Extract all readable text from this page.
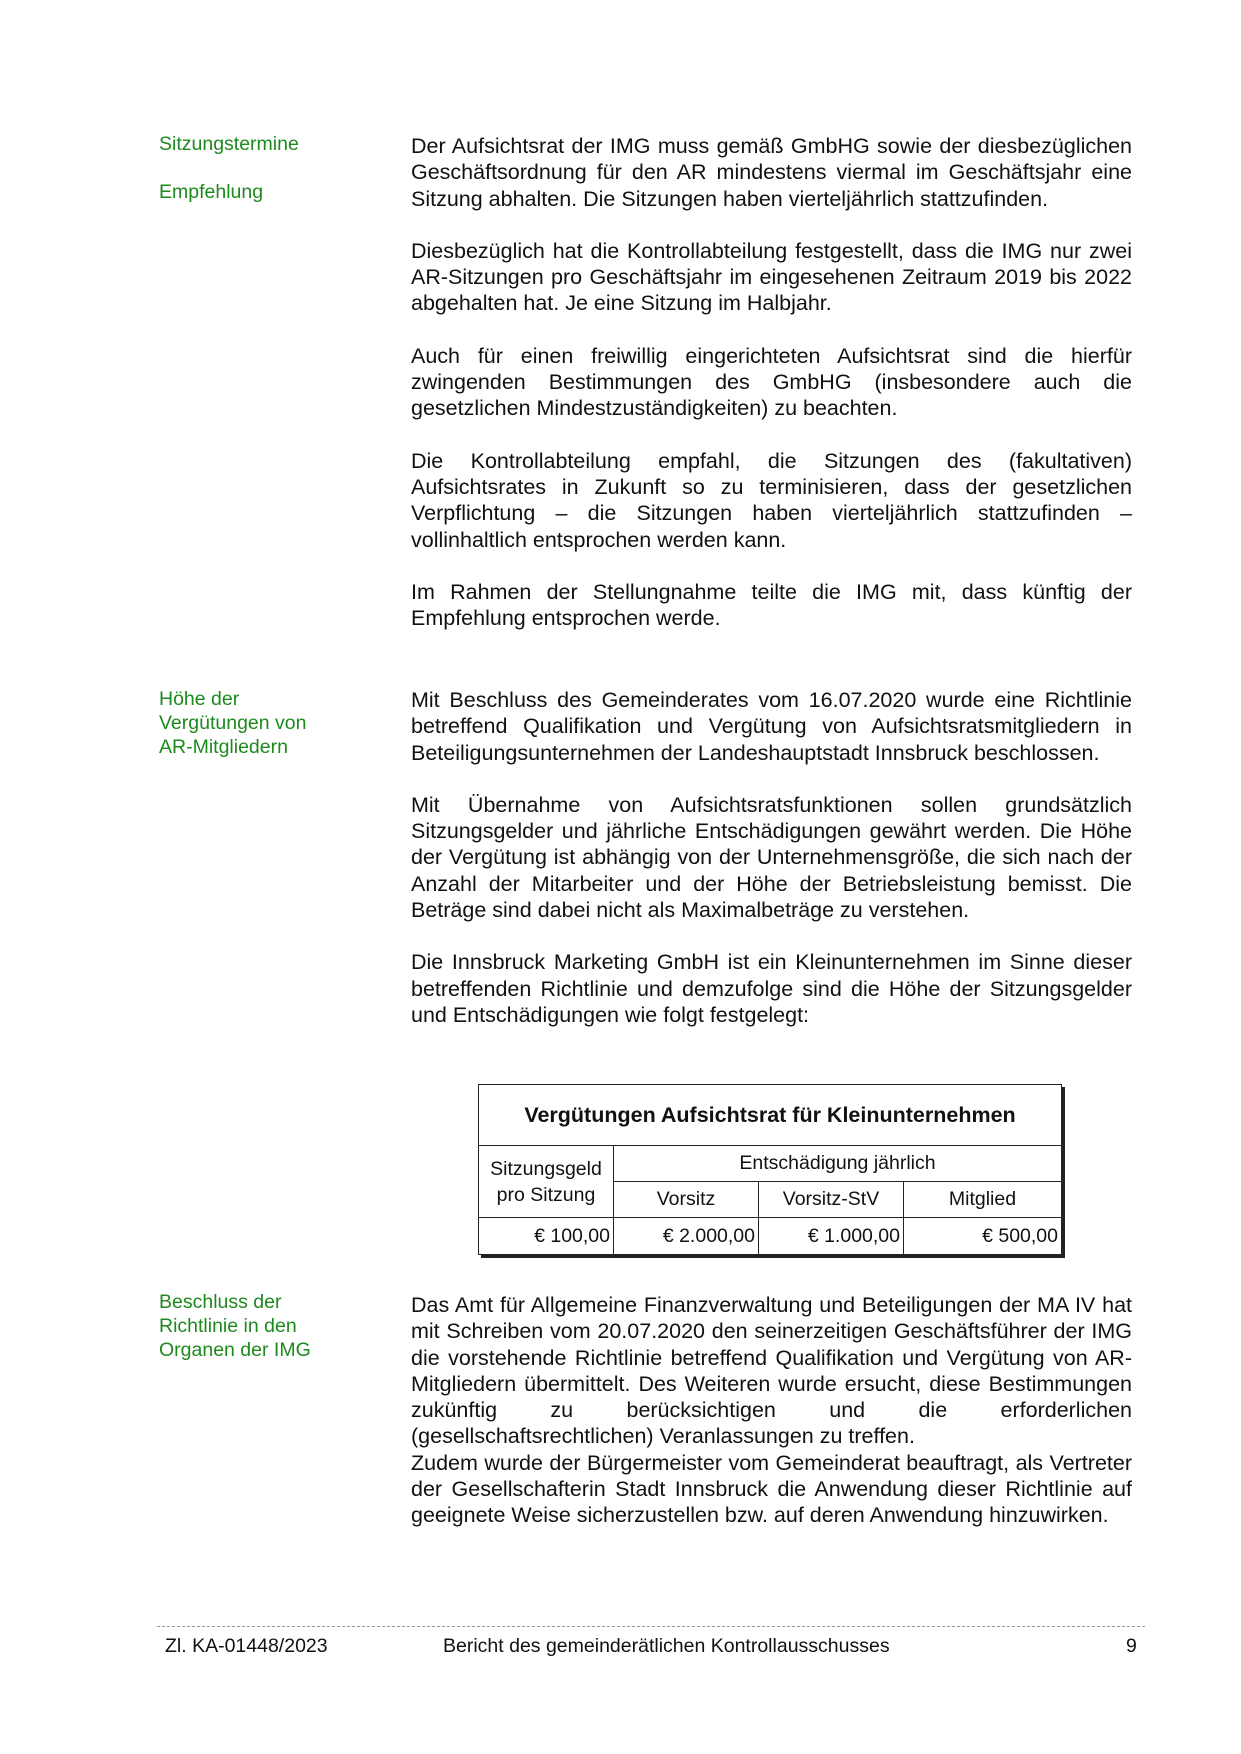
Sitzungstermine
Empfehlung
Höhe der
Vergütungen von
AR-Mitgliedern
Beschluss der
Richtlinie in den
Organen der IMG

Der Aufsichtsrat der IMG muss gemäß GmbHG sowie der diesbezüglichen Geschäftsordnung für den AR mindestens viermal im Geschäftsjahr eine Sitzung abhalten. Die Sitzungen haben vierteljährlich stattzufinden.

Diesbezüglich hat die Kontrollabteilung festgestellt, dass die IMG nur zwei AR-Sitzungen pro Geschäftsjahr im eingesehenen Zeitraum 2019 bis 2022 abgehalten hat. Je eine Sitzung im Halbjahr.

Auch für einen freiwillig eingerichteten Aufsichtsrat sind die hierfür zwingenden Bestimmungen des GmbHG (insbesondere auch die gesetzlichen Mindestzuständigkeiten) zu beachten.

Die Kontrollabteilung empfahl, die Sitzungen des (fakultativen) Aufsichtsrates in Zukunft so zu terminisieren, dass der gesetzlichen Verpflichtung – die Sitzungen haben vierteljährlich stattzufinden – vollinhaltlich entsprochen werden kann.

Im Rahmen der Stellungnahme teilte die IMG mit, dass künftig der Empfehlung entsprochen werde.

Mit Beschluss des Gemeinderates vom 16.07.2020 wurde eine Richtlinie betreffend Qualifikation und Vergütung von Aufsichtsratsmitgliedern in Beteiligungsunternehmen der Landeshauptstadt Innsbruck beschlossen.

Mit Übernahme von Aufsichtsratsfunktionen sollen grundsätzlich Sitzungsgelder und jährliche Entschädigungen gewährt werden. Die Höhe der Vergütung ist abhängig von der Unternehmensgröße, die sich nach der Anzahl der Mitarbeiter und der Höhe der Betriebsleistung bemisst. Die Beträge sind dabei nicht als Maximalbeträge zu verstehen.

Die Innsbruck Marketing GmbH ist ein Kleinunternehmen im Sinne dieser betreffenden Richtlinie und demzufolge sind die Höhe der Sitzungsgelder und Entschädigungen wie folgt festgelegt:

Vergütungen Aufsichtsrat für Kleinunternehmen			

Sitzungsgeld
pro Sitzung	Entschädigung jährlich		
	Vorsitz	Vorsitz-StV	Mitglied
€ 100,00	€ 2.000,00	€ 1.000,00	€ 500,00

Das Amt für Allgemeine Finanzverwaltung und Beteiligungen der MA IV hat mit Schreiben vom 20.07.2020 den seinerzeitigen Geschäftsführer der IMG die vorstehende Richtlinie betreffend Qualifikation und Vergütung von AR-Mitgliedern übermittelt. Des Weiteren wurde ersucht, diese Bestimmungen zukünftig zu berücksichtigen und die erforderlichen (gesellschaftsrechtlichen) Veranlassungen zu treffen.

Zudem wurde der Bürgermeister vom Gemeinderat beauftragt, als Vertreter der Gesellschafterin Stadt Innsbruck die Anwendung dieser Richtlinie auf geeignete Weise sicherzustellen bzw. auf deren Anwendung hinzuwirken.

Zl. KA-01448/2023	Bericht des gemeinderätlichen Kontrollausschusses	9
